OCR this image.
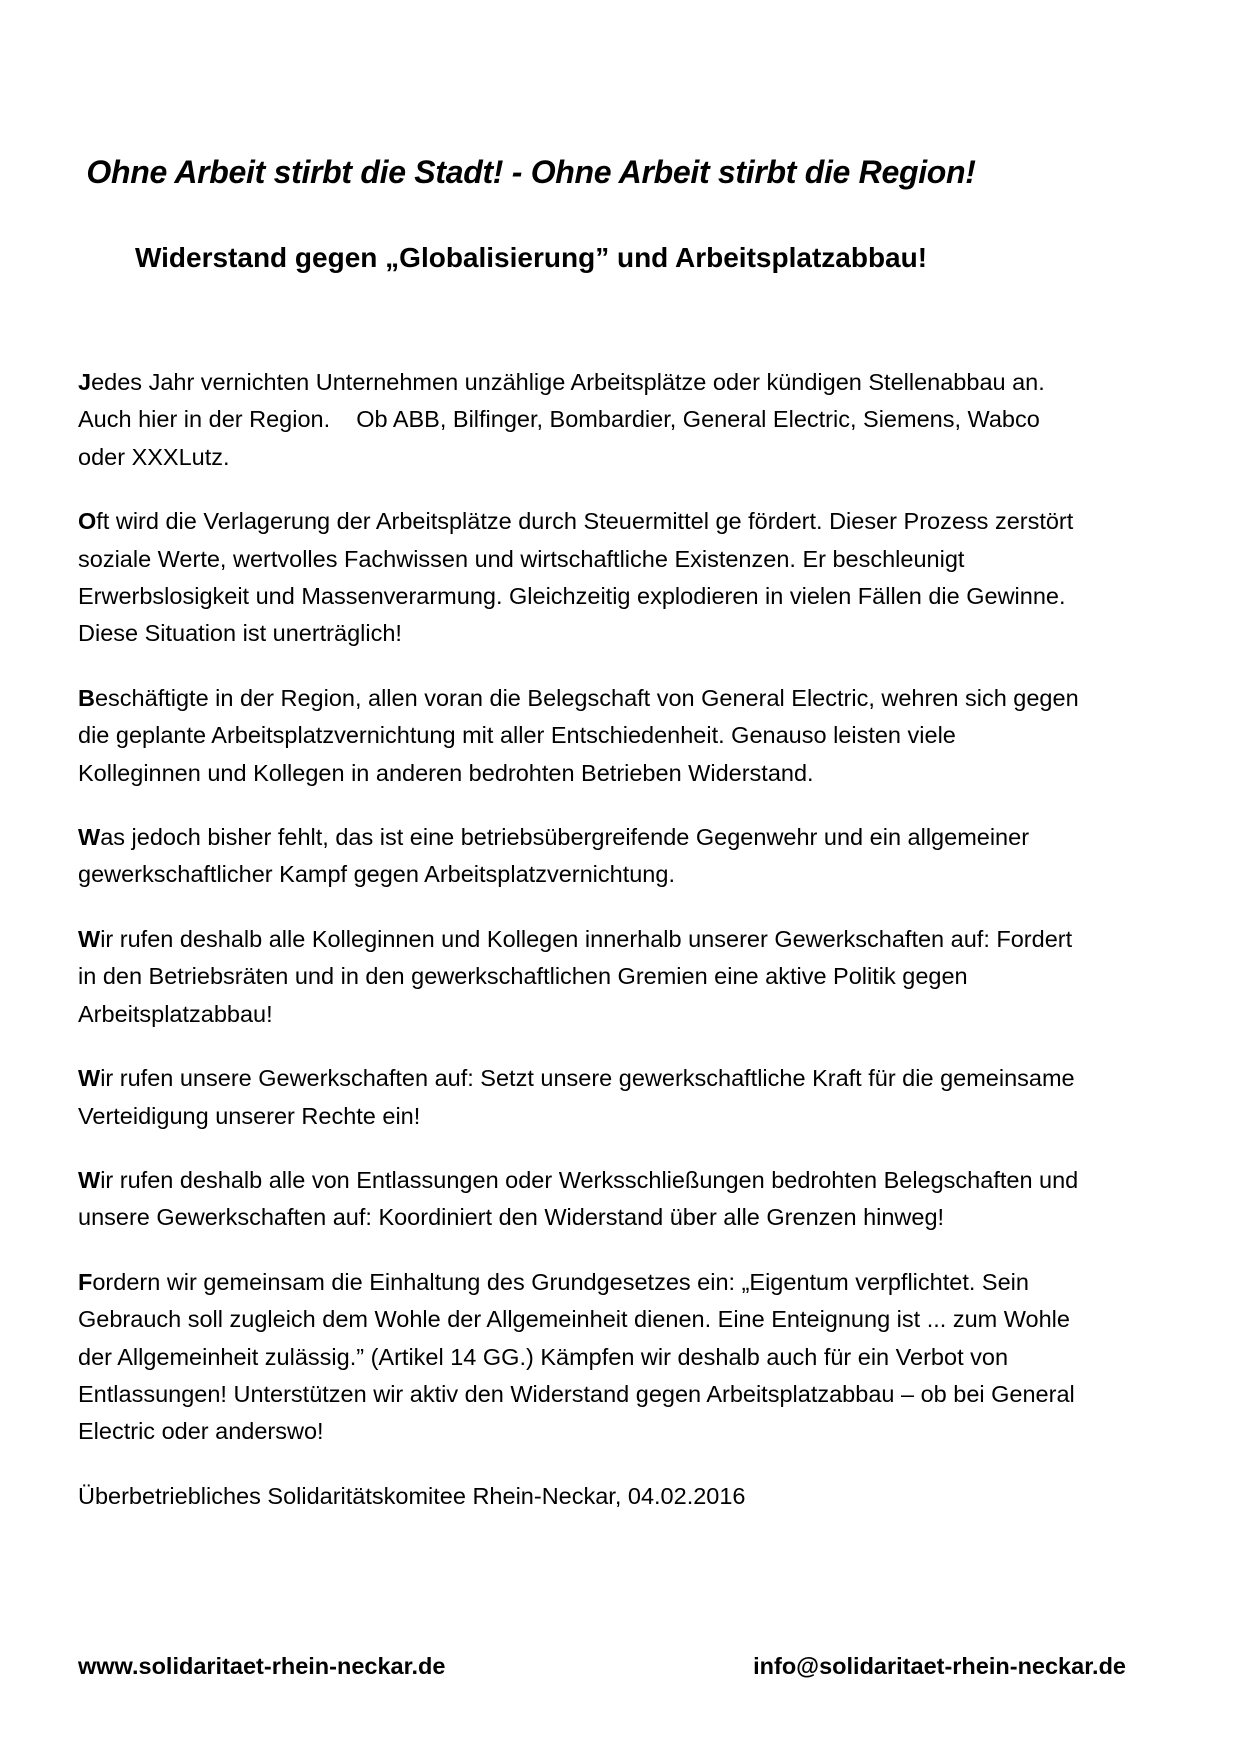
Ohne Arbeit stirbt die Stadt! - Ohne Arbeit stirbt die Region!
Widerstand gegen „Globalisierung” und Arbeitsplatzabbau!

Jedes Jahr vernichten Unternehmen unzählige Arbeitsplätze oder kündigen Stellenabbau an. Auch hier in der Region.    Ob ABB, Bilfinger, Bombardier, General Electric, Siemens, Wabco oder XXXLutz.

Oft wird die Verlagerung der Arbeitsplätze durch Steuermittel ge fördert. Dieser Prozess zerstört soziale Werte, wertvolles Fachwissen und wirtschaftliche Existenzen. Er beschleunigt Erwerbslosigkeit und Massenverarmung. Gleichzeitig explodieren in vielen Fällen die Gewinne. Diese Situation ist unerträglich!

Beschäftigte in der Region, allen voran die Belegschaft von General Electric, wehren sich gegen die geplante Arbeitsplatzvernichtung mit aller Entschiedenheit. Genauso leisten viele Kolleginnen und Kollegen in anderen bedrohten Betrieben Widerstand.

Was jedoch bisher fehlt, das ist eine betriebsübergreifende Gegenwehr und ein allgemeiner gewerkschaftlicher Kampf gegen Arbeitsplatzvernichtung.

Wir rufen deshalb alle Kolleginnen und Kollegen innerhalb unserer Gewerkschaften auf: Fordert in den Betriebsräten und in den gewerkschaftlichen Gremien eine aktive Politik gegen Arbeitsplatzabbau!

Wir rufen unsere Gewerkschaften auf: Setzt unsere gewerkschaftliche Kraft für die gemeinsame Verteidigung unserer Rechte ein!

Wir rufen deshalb alle von Entlassungen oder Werksschließungen bedrohten Belegschaften und unsere Gewerkschaften auf: Koordiniert den Widerstand über alle Grenzen hinweg!

Fordern wir gemeinsam die Einhaltung des Grundgesetzes ein: „Eigentum verpflichtet. Sein Gebrauch soll zugleich dem Wohle der Allgemeinheit dienen. Eine Enteignung ist ... zum Wohle der Allgemeinheit zulässig.” (Artikel 14 GG.) Kämpfen wir deshalb auch für ein Verbot von Entlassungen! Unterstützen wir aktiv den Widerstand gegen Arbeitsplatzabbau – ob bei General Electric oder anderswo!

Überbetriebliches Solidaritätskomitee Rhein-Neckar, 04.02.2016

www.solidaritaet-rhein-neckar.de	info@solidaritaet-rhein-neckar.de
